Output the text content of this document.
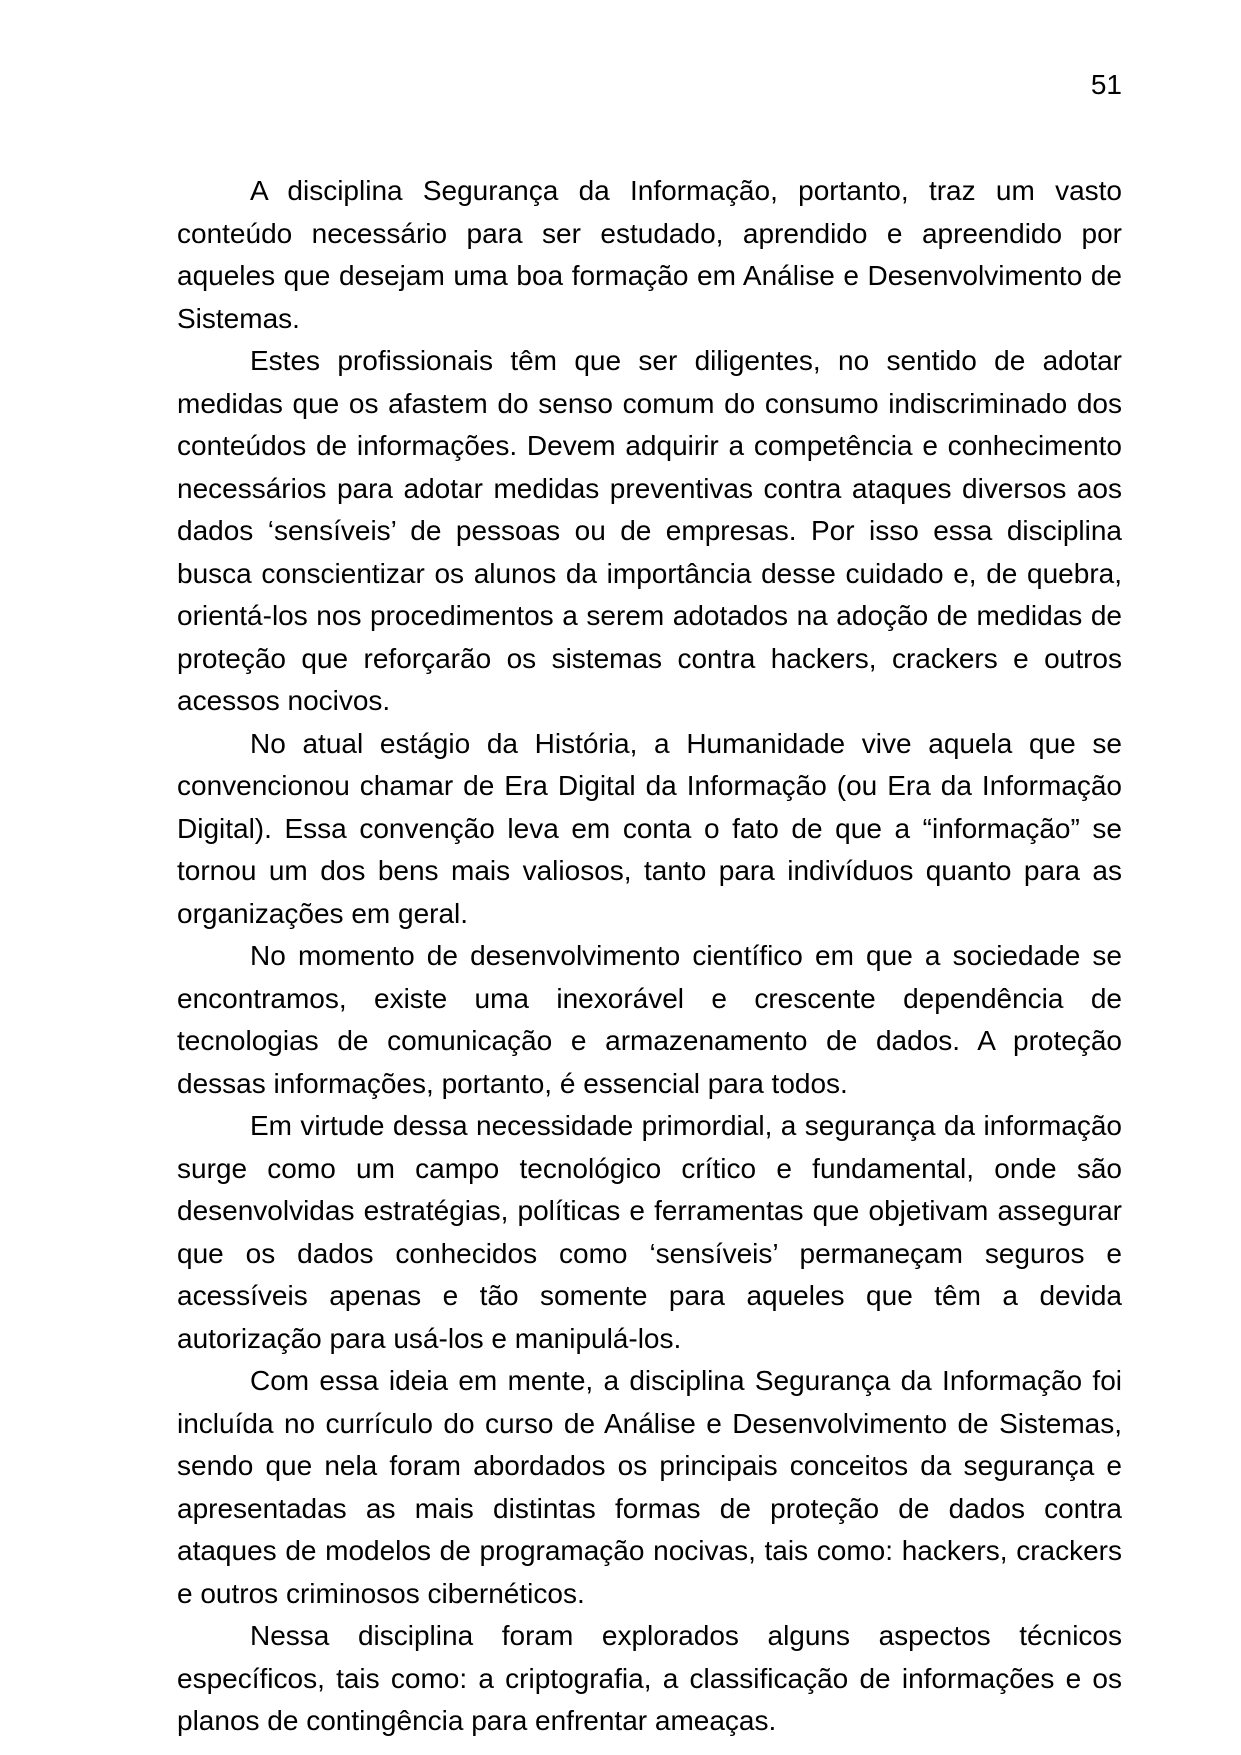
51

A disciplina Segurança da Informação, portanto, traz um vasto conteúdo necessário para ser estudado, aprendido e apreendido por aqueles que desejam uma boa formação em Análise e Desenvolvimento de Sistemas.

Estes profissionais têm que ser diligentes, no sentido de adotar medidas que os afastem do senso comum do consumo indiscriminado dos conteúdos de informações. Devem adquirir a competência e conhecimento necessários para adotar medidas preventivas contra ataques diversos aos dados ‘sensíveis’ de pessoas ou de empresas. Por isso essa disciplina busca conscientizar os alunos da importância desse cuidado e, de quebra, orientá-los nos procedimentos a serem adotados na adoção de medidas de proteção que reforçarão os sistemas contra hackers, crackers e outros acessos nocivos.

No atual estágio da História, a Humanidade vive aquela que se convencionou chamar de Era Digital da Informação (ou Era da Informação Digital). Essa convenção leva em conta o fato de que a “informação” se tornou um dos bens mais valiosos, tanto para indivíduos quanto para as organizações em geral.

No momento de desenvolvimento científico em que a sociedade se encontramos, existe uma inexorável e crescente dependência de tecnologias de comunicação e armazenamento de dados. A proteção dessas informações, portanto, é essencial para todos.

Em virtude dessa necessidade primordial, a segurança da informação surge como um campo tecnológico crítico e fundamental, onde são desenvolvidas estratégias, políticas e ferramentas que objetivam assegurar que os dados conhecidos como ‘sensíveis’ permaneçam seguros e acessíveis apenas e tão somente para aqueles que têm a devida autorização para usá-los e manipulá-los.

Com essa ideia em mente, a disciplina Segurança da Informação foi incluída no currículo do curso de Análise e Desenvolvimento de Sistemas, sendo que nela foram abordados os principais conceitos da segurança e apresentadas as mais distintas formas de proteção de dados contra ataques de modelos de programação nocivas, tais como: hackers, crackers e outros criminosos cibernéticos.

Nessa disciplina foram explorados alguns aspectos técnicos específicos, tais como: a criptografia, a classificação de informações e os planos de contingência para enfrentar ameaças.
